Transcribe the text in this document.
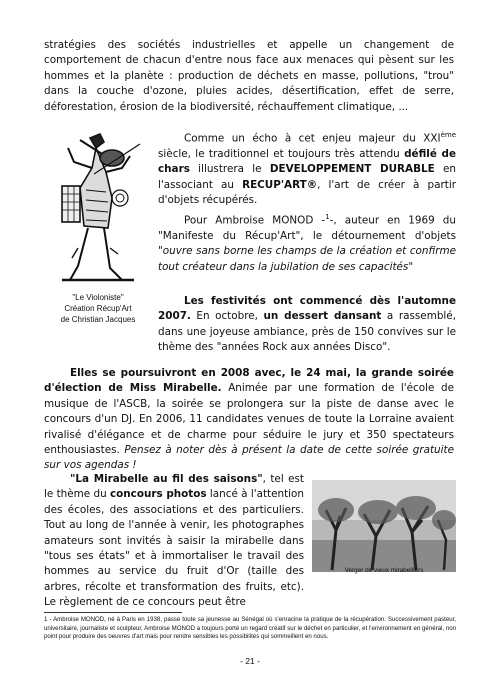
stratégies des sociétés industrielles et appelle un changement de comportement de chacun d'entre nous face aux menaces qui pèsent sur les hommes et la planète : production de déchets en masse, pollutions, "trou" dans la couche d'ozone, pluies acides, désertification, effet de serre, déforestation, érosion de la biodiversité, réchauffement climatique, ...

"Le Violoniste"
Création Récup'Art
de Christian Jacques

Comme un écho à cet enjeu majeur du XXIème siècle, le traditionnel et toujours très attendu défilé de chars illustrera le DEVELOPPEMENT DURABLE en l'associant au RECUP'ART®, l'art de créer à partir d'objets récupérés.

Pour Ambroise MONOD -$^1$-, auteur en 1969 du "Manifeste du Récup'Art", le détournement d'objets "ouvre sans borne les champs de la création et confirme tout créateur dans la jubilation de ses capacités"

Les festivités ont commencé dès l'automne 2007. En octobre, un dessert dansant a rassemblé, dans une joyeuse ambiance, près de 150 convives sur le thème des "années Rock aux années Disco".

Elles se poursuivront en 2008 avec, le 24 mai, la grande soirée d'élection de Miss Mirabelle. Animée par une formation de l'école de musique de l'ASCB, la soirée se prolongera sur la piste de danse avec le concours d'un DJ. En 2006, 11 candidates venues de toute la Lorraine avaient rivalisé d'élégance et de charme pour séduire le jury et 350 spectateurs enthousiastes. Pensez à noter dès à présent la date de cette soirée gratuite sur vos agendas !

"La Mirabelle au fil des saisons", tel est le thème du concours photos lancé à l'attention des écoles, des associations et des particuliers. Tout au long de l'année à venir, les photographes amateurs sont invités à saisir la mirabelle dans "tous ses états" et à immortaliser le travail des hommes au service du fruit d'Or (taille des arbres, récolte et transformation des fruits, etc). Le règlement de ce concours peut être

Verger de vieux mirabelliers

1 - Ambroise MONOD, né à Paris en 1938, passe toute sa jeunesse au Sénégal où s'enracine la pratique de la récupération. Successivement pasteur, universitaire, journaliste et sculpteur, Ambroise MONOD a toujours porté un regard créatif sur le déchet en particulier, et l'environnement en général, non point pour produire des oeuvres d'art mais pour rendre sensibles les possibilités qui sommeillent en nous.
- 21 -
